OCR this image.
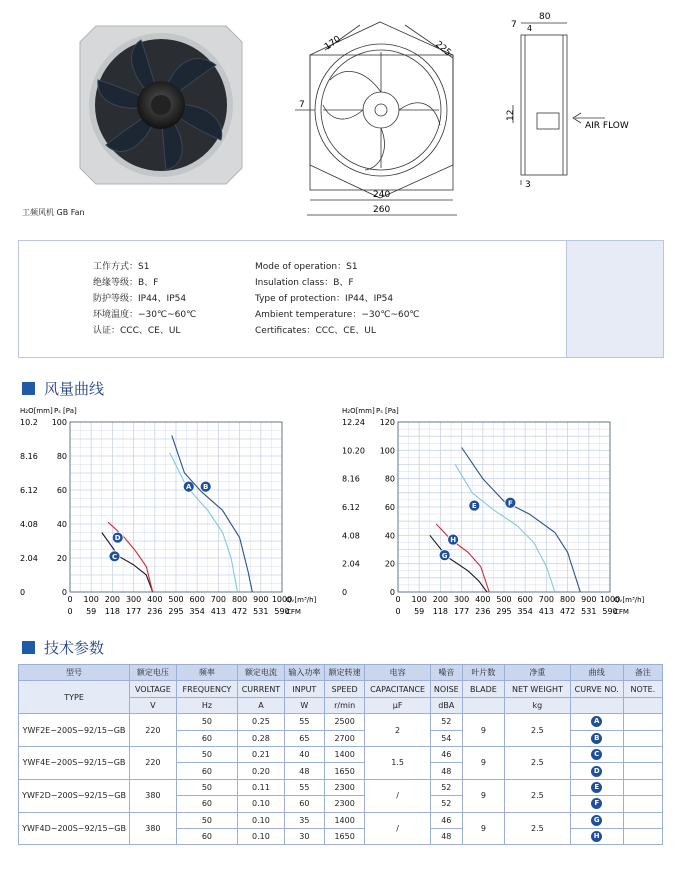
工频风机 GB Fan
170	225
7
240
260
80
7 4
12
3
AIR FLOW
工作方式：S1
绝缘等级：B、F
防护等级：IP44、IP54
环境温度：−30℃~60℃
认证：CCC、CE、UL
Mode of operation：S1
Insulation class：B、F
Type of protection：IP44、IP54
Ambient temperature：−30℃~60℃
Certificates：CCC、CE、UL
风量曲线
H₂O[mm] Pₛ [Pa]
0
0
20
2.04
40
4.08
60
6.12
80
8.16
100
10.2
0
0
100
59
200
118
300
177
400
236
500
295
600
354
700
413
800
472
900
531
1000
590
Qᵥ[m³/h]
CFM
A B
C
D
H₂O[mm] Pₛ [Pa]
0
0
20
2.04
40
4.08
60
6.12
80
8.16
100
10.20
120
12.24
0
0
100
59
200
118
300
177
400
236
500
295
600
354
700
413
800
472
900
531
1000
590
Qᵥ[m³/h]
CFM
E	F
G
H
技术参数
型号	额定电压	频率	额定电流	输入功率	额定转速	电容	噪音	叶片数	净重	曲线	备注
TYPE	VOLTAGE	FREQUENCY	CURRENT	INPUT	SPEED	CAPACITANCE	NOISE	BLADE	NET WEIGHT	CURVE NO.	NOTE.
	V	Hz	A	W	r/min	μF	dBA		kg		
YWF2E−200S−92/15−GB	220	50	0.25	55	2500	2	52	9	2.5	A	
		60	0.28	65	2700		54			B	
YWF4E−200S−92/15−GB	220	50	0.21	40	1400	1.5	46	9	2.5	C	
		60	0.20	48	1650		48			D	
YWF2D−200S−92/15−GB	380	50	0.11	55	2300	/	52	9	2.5	E	
		60	0.10	60	2300		52			F	
YWF4D−200S−92/15−GB	380	50	0.10	35	1400	/	46	9	2.5	G	
		60	0.10	30	1650		48			H	
